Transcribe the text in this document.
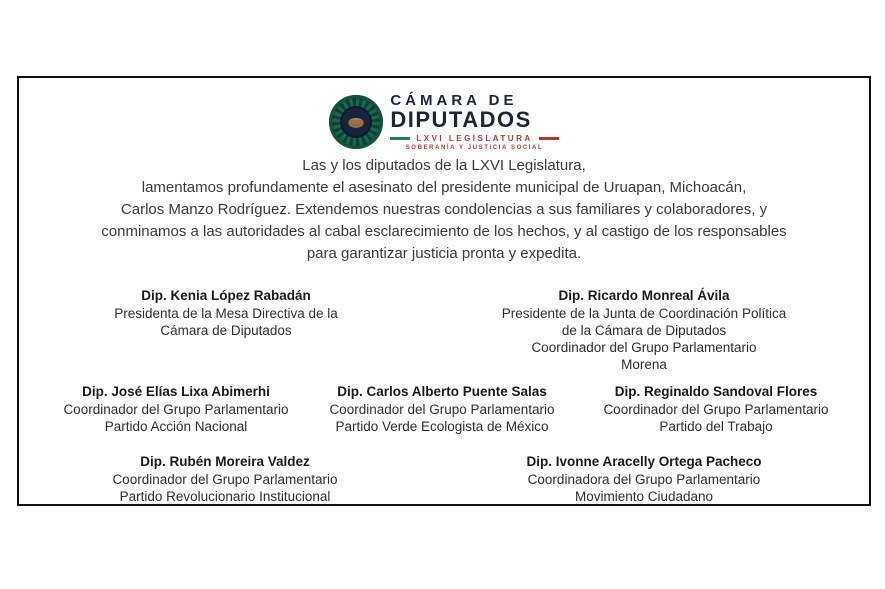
CÁMARA DE
DIPUTADOS
LXVI LEGISLATURA
SOBERANÍA Y JUSTICIA SOCIAL
Las y los diputados de la LXVI Legislatura,
lamentamos profundamente el asesinato del presidente municipal de Uruapan, Michoacán,
Carlos Manzo Rodríguez. Extendemos nuestras condolencias a sus familiares y colaboradores, y
conminamos a las autoridades al cabal esclarecimiento de los hechos, y al castigo de los responsables
para garantizar justicia pronta y expedita.
Dip. Kenia López Rabadán
Presidenta de la Mesa Directiva de la
Cámara de Diputados
Dip. Ricardo Monreal Ávila
Presidente de la Junta de Coordinación Política
de la Cámara de Diputados
Coordinador del Grupo Parlamentario
Morena
Dip. José Elías Lixa Abimerhi
Coordinador del Grupo Parlamentario
Partido Acción Nacional
Dip. Carlos Alberto Puente Salas
Coordinador del Grupo Parlamentario
Partido Verde Ecologista de México
Dip. Reginaldo Sandoval Flores
Coordinador del Grupo Parlamentario
Partido del Trabajo
Dip. Rubén Moreira Valdez
Coordinador del Grupo Parlamentario
Partido Revolucionario Institucional
Dip. Ivonne Aracelly Ortega Pacheco
Coordinadora del Grupo Parlamentario
Movimiento Ciudadano
